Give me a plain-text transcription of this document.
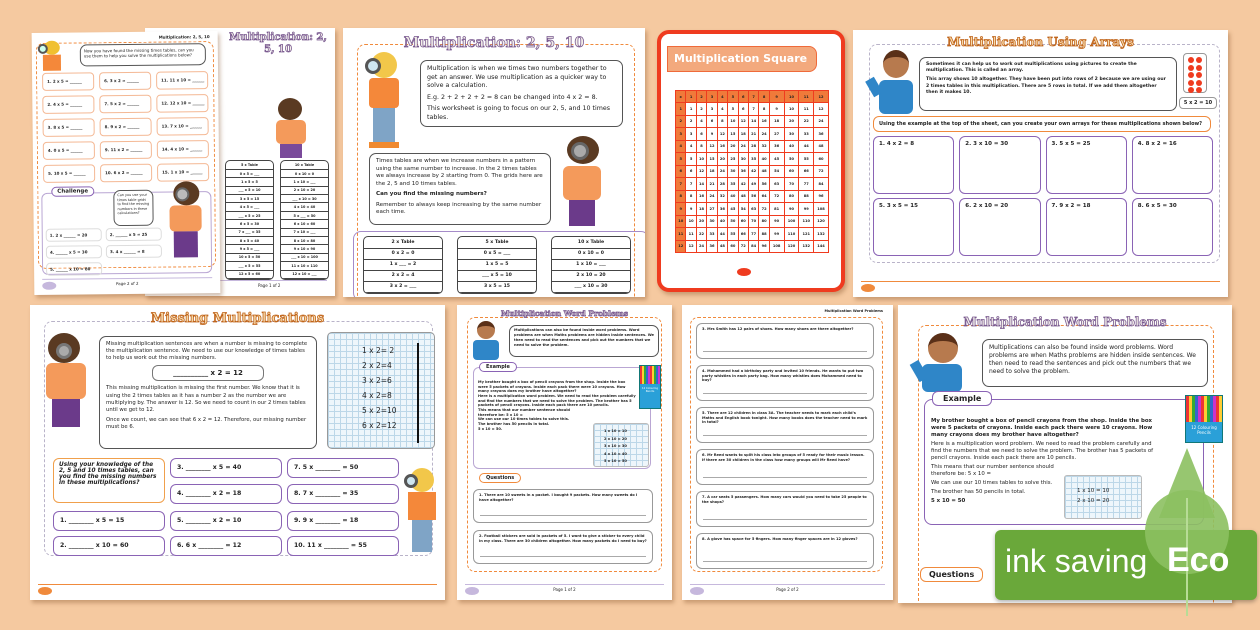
Multiplication: 2, 5, 10
5 x Table
0 x 5 = ___
1 x 5 = 5
___ x 5 = 10
3 x 5 = 15
4 x 5 = ___
___ x 5 = 25
6 x 5 = 30
7 x ___ = 35
8 x 5 = 40
9 x 5 = ___
10 x 5 = 50
___ x 5 = 55
12 x 5 = 60
10 x Table
0 x 10 = 0
1 x 10 = ___
2 x 10 = 20
___ x 10 = 30
4 x 10 = 40
5 x ___ = 50
6 x 10 = 60
7 x 10 = ___
8 x 10 = 80
9 x 10 = 90
___ x 10 = 100
11 x 10 = 110
12 x 10 = ___
Page 1 of 2
Multiplication: 2, 5, 10
Now you have found the missing times tables, can you use them to help you solve the multiplications below?
1. 2 x 5 = ______	6. 3 x 2 = ______	11. 11 x 10 = ______
2. 4 x 5 = ______	7. 5 x 2 = ______	12. 12 x 10 = ______
3. 8 x 5 = ______	8. 9 x 2 = ______	13. 7 x 10 = ______
4. 0 x 5 = ______	9. 11 x 2 = ______	14. 4 x 10 = ______
5. 10 x 5 = ______	10. 6 x 2 = ______	15. 1 x 10 = ______
Challenge
Can you use your times table grids to find the missing numbers in these calculations?
1. 2 x ______ = 20	2. ______ x 5 = 25
4. ______ x 5 = 30	3. 4 x ______ = 8
5. ______ x 10 = 80
Page 2 of 2
Multiplication: 2, 5, 10

Multiplication is when we times two numbers together to get an answer. We use multiplication as a quicker way to solve a calculation.

E.g. 2 + 2 + 2 + 2 = 8 can be changed into 4 x 2 = 8.

This worksheet is going to focus on our 2, 5, and 10 times tables.

Times tables are when we increase numbers in a pattern using the same number to increase. In the 2 times tables we always increase by 2 starting from 0. The grids here are the 2, 5 and 10 times tables.

Can you find the missing numbers?

Remember to always keep increasing by the same number each time.

2 x Table
0 x 2 = 0
1 x ___ = 2
2 x 2 = 4
3 x 2 = ___
5 x Table
0 x 5 = ___
1 x 5 = 5
___ x 5 = 10
3 x 5 = 15
10 x Table
0 x 10 = 0
1 x 10 = ___
2 x 10 = 20
___ x 10 = 30
Multiplication Square
x	1	2	3	4	5	6	7	8	9	10	11	12
1	1	2	3	4	5	6	7	8	9	10	11	12
2	2	4	6	8	10	12	14	16	18	20	22	24
3	3	6	9	12	15	18	21	24	27	30	33	36
4	4	8	12	16	20	24	28	32	36	40	44	48
5	5	10	15	20	25	30	35	40	45	50	55	60
6	6	12	18	24	30	36	42	48	54	60	66	72
7	7	14	21	28	35	42	49	56	63	70	77	84
8	8	16	24	32	40	48	56	64	72	80	88	96
9	9	18	27	36	45	54	63	72	81	90	99	108
10	10	20	30	40	50	60	70	80	90	100	110	120
11	11	22	33	44	55	66	77	88	99	110	121	132
12	12	24	36	48	60	72	84	96	108	120	132	144
Multiplication Using Arrays

Sometimes it can help us to work out multiplications using pictures to create the multiplication. This is called an array.

This array shows 10 altogether. They have been put into rows of 2 because we are using our 2 times tables in this multiplication. There are 5 rows in total. If we add them altogether then it makes 10.

5 x 2 = 10
Using the example at the top of the sheet, can you create your own arrays for these multiplications shown below?
1. 4 x 2 = 8	2. 3 x 10 = 30	3. 5 x 5 = 25	4. 8 x 2 = 16
5. 3 x 5 = 15	6. 2 x 10 = 20	7. 9 x 2 = 18	8. 6 x 5 = 30
Missing Multiplications

Missing multiplication sentences are when a number is missing to complete the multiplication sentence. We need to use our knowledge of times tables to help us work out the missing numbers.

__________ x 2 = 12

This missing multiplication is missing the first number. We know that it is using the 2 times tables as it has a number 2 as the number we are multiplying by. The answer is 12. So we need to count in our 2 times tables until we get to 12.

Once we count, we can see that 6 x 2 = 12. Therefore, our missing number must be 6.

1 x 2= 2
2 x 2=4
3 x 2=6
4 x 2=8
5 x 2=10
6 x 2=12
Using your knowledge of the 2, 5 and 10 times tables, can you find the missing numbers in these multiplications?
1. ________ x 5 = 15
2. ________ x 10 = 60
3. ________ x 5 = 40
4. ________ x 2 = 18
5. ________ x 2 = 10
6. 6 x ________ = 12
7. 5 x ________ = 50
8. 7 x ________ = 35
9. 9 x ________ = 18
10. 11 x ________ = 55
Multiplication Word Problems
Multiplications can also be found inside word problems. Word problems are when Maths problems are hidden inside sentences. We then need to read the sentences and pick out the numbers that we need to solve the problem.

My brother bought a box of pencil crayons from the shop. Inside the box were 5 packets of crayons. Inside each pack there were 10 crayons. How many crayons does my brother have altogether?

Here is a multiplication word problem. We need to read the problem carefully and find the numbers that we need to solve the problem. The brother has 5 packets of pencil crayons. Inside each pack there are 10 pencils.

This means that our number sentence should therefore be: 5 x 10 =

We can use our 10 times tables to solve this.

The brother has 50 pencils in total.

5 x 10 = 50.

Example
12 Colouring Pencils
1 x 10 = 10
2 x 10 = 20
3 x 10 = 30
4 x 10 = 40
5 x 10 = 50
Questions
1. There are 10 sweets in a packet. I bought 9 packets. How many sweets do I have altogether?
2. Football stickers are sold in packets of 5. I want to give a sticker to every child in my class. There are 30 children altogether. How many packets do I need to buy?
Page 1 of 2
Multiplication Word Problems
3. Mrs Smith has 12 pairs of shoes. How many shoes are there altogether?
4. Mohammed had a birthday party and invited 10 friends. He wants to put two party whistles in each party bag. How many whistles does Mohammed need to buy?
5. There are 12 children in class 3A. The teacher needs to mark each child's Maths and English book tonight. How many books does the teacher need to mark in total?
6. Mr Reed wants to split his class into groups of 5 ready for their music lesson. If there are 30 children in the class how many groups will Mr Reed have?
7. A car seats 5 passengers. How many cars would you need to take 25 people to the shops?
8. A glove has space for 5 fingers. How many finger spaces are in 12 gloves?
Page 2 of 2
Multiplication Word Problems
Multiplications can also be found inside word problems. Word problems are when Maths problems are hidden inside sentences. We then need to read the sentences and pick out the numbers that we need to solve the problem.

My brother bought a box of pencil crayons from the shop. Inside the box were 5 packets of crayons. Inside each pack there were 10 crayons. How many crayons does my brother have altogether?

Here is a multiplication word problem. We need to read the problem carefully and find the numbers that we need to solve the problem. The brother has 5 packets of pencil crayons. Inside each pack there are 10 pencils.

This means that our number sentence should therefore be: 5 x 10 =

We can use our 10 times tables to solve this.

The brother has 50 pencils in total.

5 x 10 = 50

Example
12 Colouring Pencils
1 x 10 = 10
2 x 10 = 20
Questions ink saving Eco
